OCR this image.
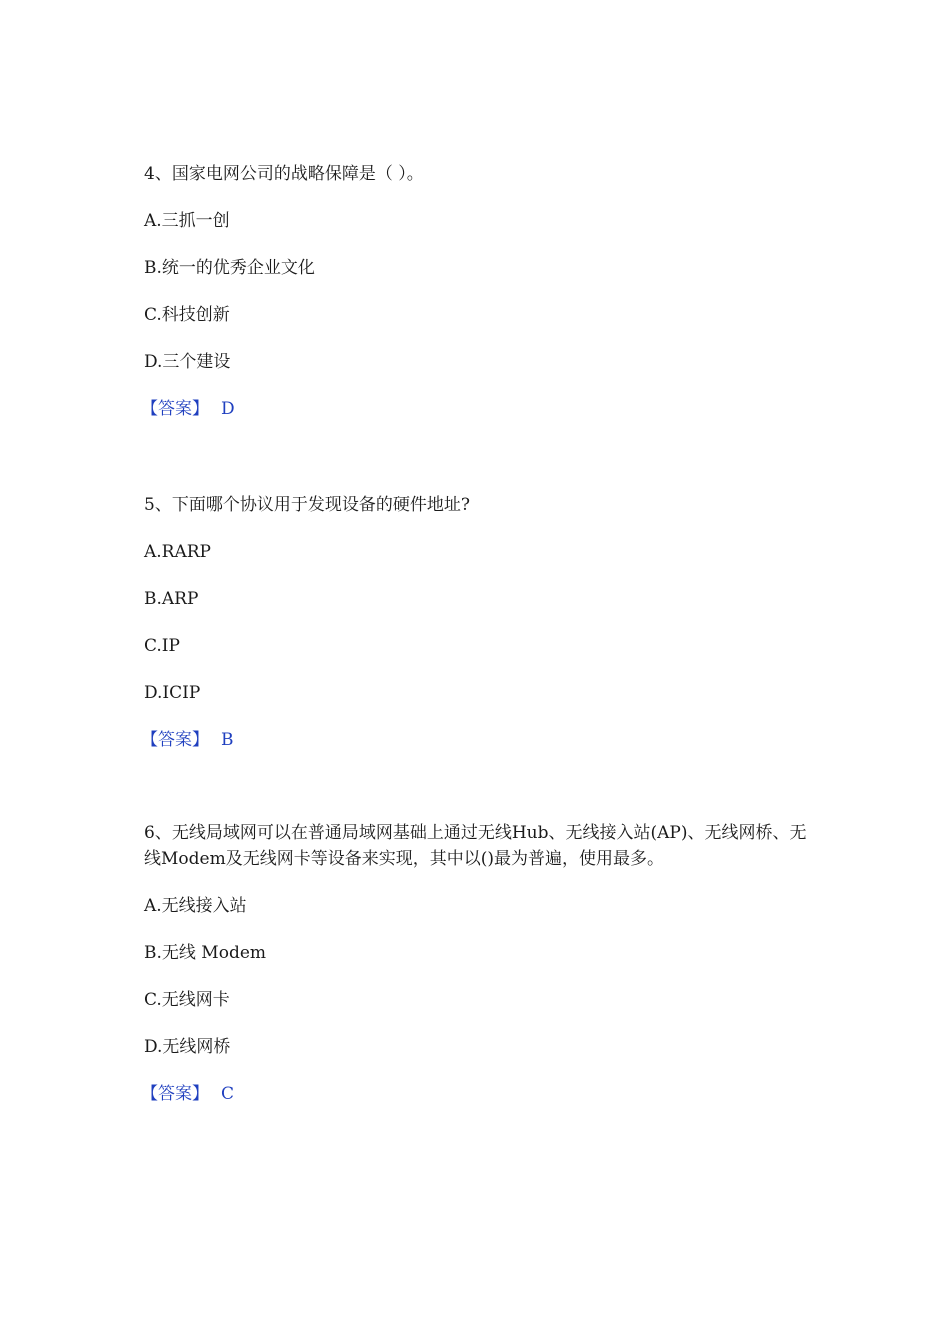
4、国家电网公司的战略保障是（ ）。
A.三抓一创
B.统一的优秀企业文化
C.科技创新
D.三个建设
【答案】 D
5、下面哪个协议用于发现设备的硬件地址?
A.RARP
B.ARP
C.IP
D.ICIP
【答案】 B
6、无线局域网可以在普通局域网基础上通过无线Hub、无线接入站(AP)、无线网桥、无线Modem及无线网卡等设备来实现，其中以()最为普遍，使用最多。
A.无线接入站
B.无线 Modem
C.无线网卡
D.无线网桥
【答案】 C
